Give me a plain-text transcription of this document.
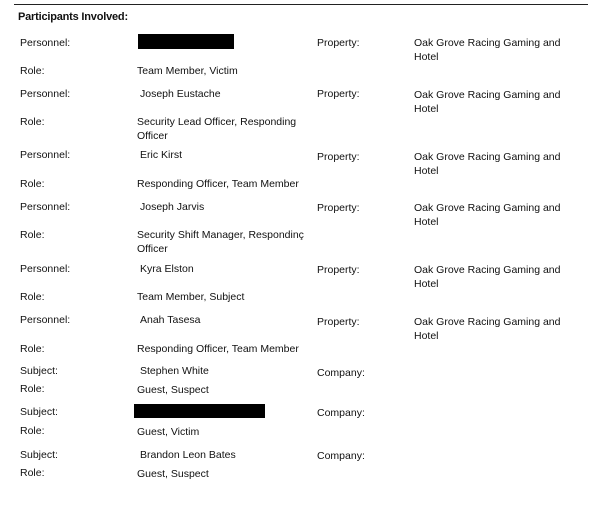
Participants Involved:
Personnel:	Property:	Oak Grove Racing Gaming and Hotel
Role:	Team Member, Victim
Personnel:	Joseph Eustache	Property:	Oak Grove Racing Gaming and Hotel
Role:	Security Lead Officer, Responding Officer
Personnel:	Eric Kirst	Property:	Oak Grove Racing Gaming and Hotel
Role:	Responding Officer, Team Member
Personnel:	Joseph Jarvis	Property:	Oak Grove Racing Gaming and Hotel
Role:	Security Shift Manager, Respondinç Officer
Personnel:	Kyra Elston	Property:	Oak Grove Racing Gaming and Hotel
Role:	Team Member, Subject
Personnel:	Anah Tasesa	Property:	Oak Grove Racing Gaming and Hotel
Role:	Responding Officer, Team Member
Subject:	Stephen White	Company:
Role:	Guest, Suspect
Subject:	Company:
Role:	Guest, Victim
Subject:	Brandon Leon Bates	Company:
Role:	Guest, Suspect
